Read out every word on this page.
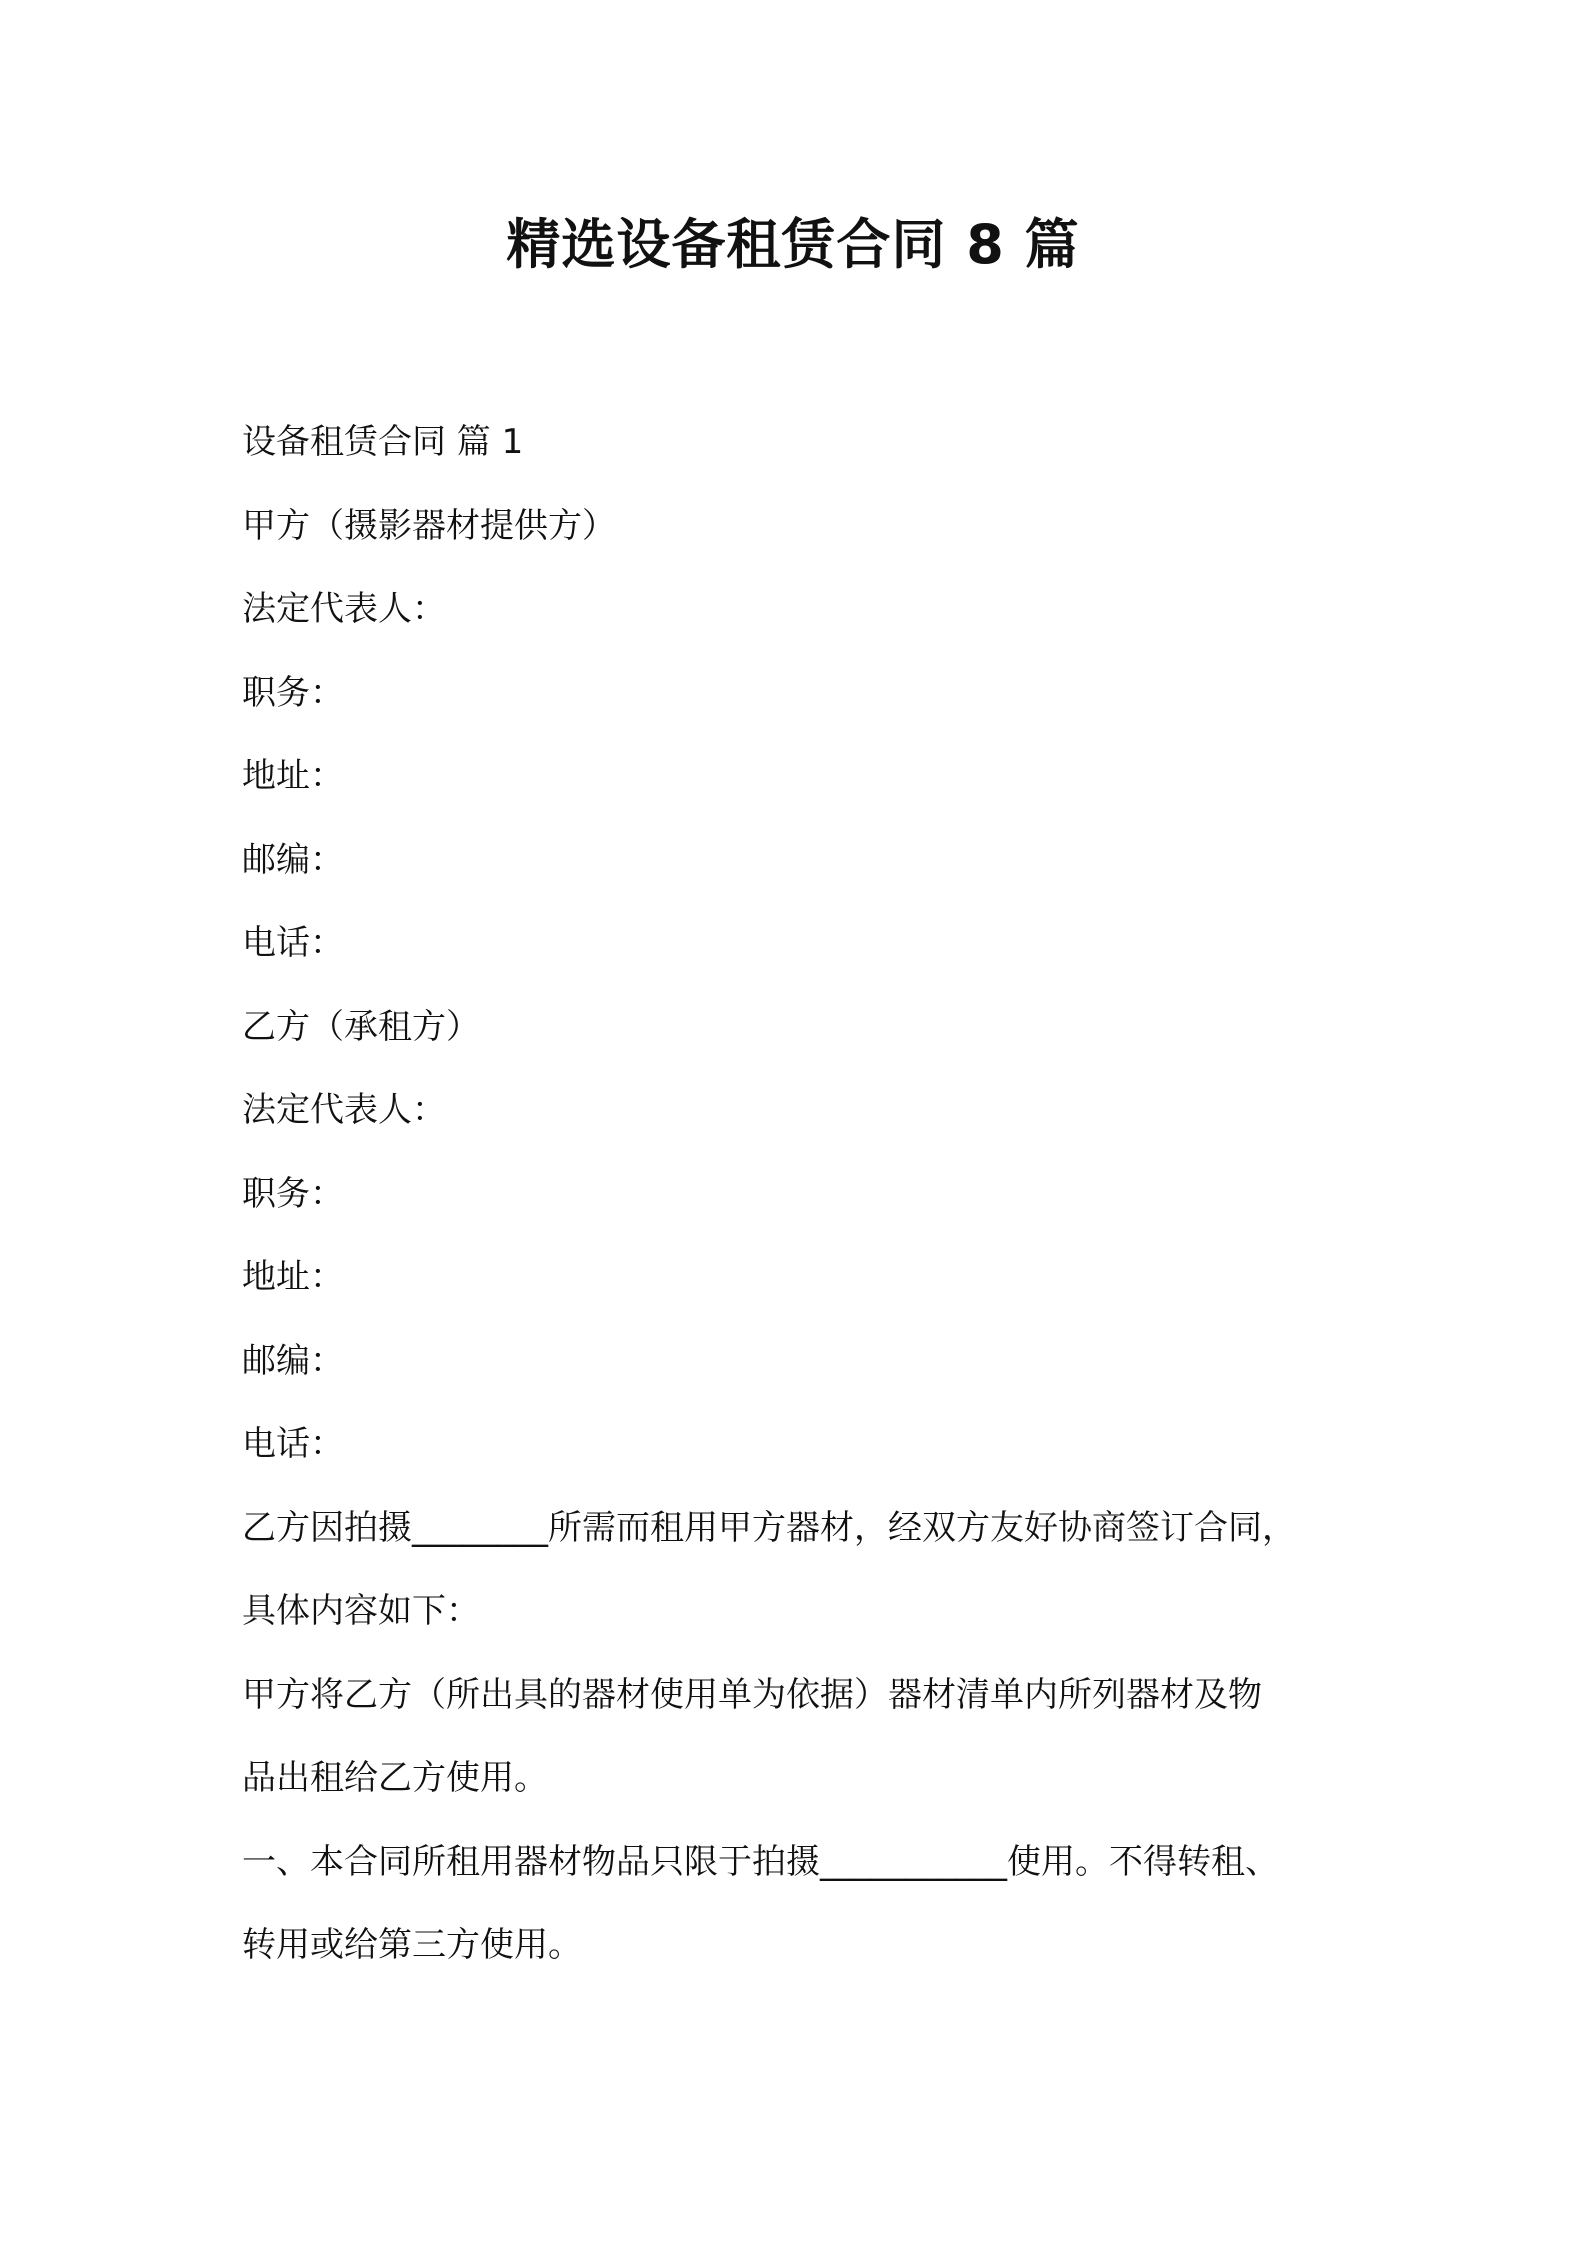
精选设备租赁合同 8 篇
设备租赁合同 篇 1
甲方（摄影器材提供方）
法定代表人：
职务：
地址：
邮编：
电话：
乙方（承租方）
法定代表人：
职务：
地址：
邮编：
电话：
乙方因拍摄________所需而租用甲方器材，经双方友好协商签订合同，
具体内容如下：
甲方将乙方（所出具的器材使用单为依据）器材清单内所列器材及物
品出租给乙方使用。
一、本合同所租用器材物品只限于拍摄___________使用。不得转租、
转用或给第三方使用。
